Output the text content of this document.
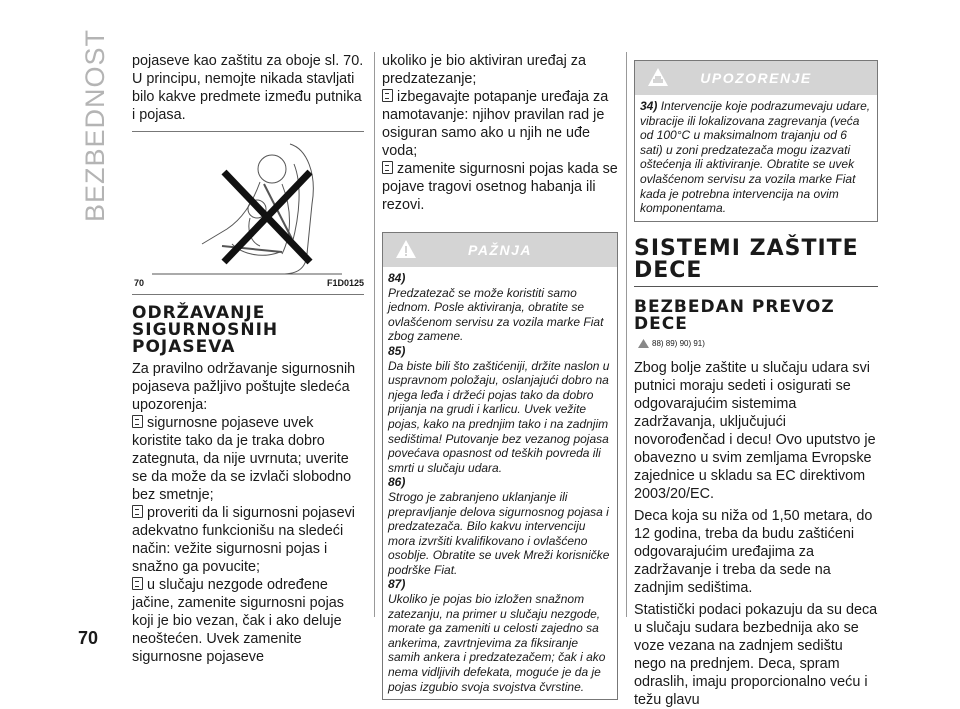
BEZBEDNOST
70

pojaseve kao zaštitu za oboje sl. 70. U principu, nemojte nikada stavljati bilo kakve predmete između putnika i pojasa.

70	F1D0125
ODRŽAVANJE SIGURNOSNIH POJASEVA

Za pravilno održavanje sigurnosnih pojaseva pažljivo poštujte sledeća upozorenja:

sigurnosne pojaseve uvek koristite tako da je traka dobro zategnuta, da nije uvrnuta; uverite se da može da se izvlači slobodno bez smetnje;

proveriti da li sigurnosni pojasevi adekvatno funkcionišu na sledeći način: vežite sigurnosni pojas i snažno ga povucite;

u slučaju nezgode određene jačine, zamenite sigurnosni pojas koji je bio vezan, čak i ako deluje neoštećen. Uvek zamenite sigurnosne pojaseve

ukoliko je bio aktiviran uređaj za predzatezanje;

izbegavajte potapanje uređaja za namotavanje: njihov pravilan rad je osiguran samo ako u njih ne uđe voda;

zamenite sigurnosni pojas kada se pojave tragovi osetnog habanja ili rezovi.

PAŽNJA
84)
Predzatezač se može koristiti samo jednom. Posle aktiviranja, obratite se ovlašćenom servisu za vozila marke Fiat zbog zamene.
85)
Da biste bili što zaštićeniji, držite naslon u uspravnom položaju, oslanjajući dobro na njega leđa i držeći pojas tako da dobro prijanja na grudi i karlicu. Uvek vežite pojas, kako na prednjim tako i na zadnjim sedištima! Putovanje bez vezanog pojasa povećava opasnost od teških povreda ili smrti u slučaju udara.
86)
Strogo je zabranjeno uklanjanje ili prepravljanje delova sigurnosnog pojasa i predzatezača. Bilo kakvu intervenciju mora izvršiti kvalifikovano i ovlašćeno osoblje. Obratite se uvek Mreži korisničke podrške Fiat.
87)
Ukoliko je pojas bio izložen snažnom zatezanju, na primer u slučaju nezgode, morate ga zameniti u celosti zajedno sa ankerima, zavrtnjevima za fiksiranje samih ankera i predzatezačem; čak i ako nema vidljivih defekata, moguće je da je pojas izgubio svoja svojstva čvrstine.
UPOZORENJE
34) Intervencije koje podrazumevaju udare, vibracije ili lokalizovana zagrevanja (veća od 100°C u maksimalnom trajanju od 6 sati) u zoni predzatezača mogu izazvati oštećenja ili aktiviranje. Obratite se uvek ovlašćenom servisu za vozila marke Fiat kada je potrebna intervencija na ovim komponentama.
SISTEMI ZAŠTITE DECE
BEZBEDAN PREVOZ DECE
88) 89) 90) 91)

Zbog bolje zaštite u slučaju udara svi putnici moraju sedeti i osigurati se odgovarajućim sistemima zadržavanja, uključujući novorođenčad i decu! Ovo uputstvo je obavezno u svim zemljama Evropske zajednice u skladu sa EC direktivom 2003/20/EC.

Deca koja su niža od 1,50 metara, do 12 godina, treba da budu zaštićeni odgovarajućim uređajima za zadržavanje i treba da sede na zadnjim sedištima.

Statistički podaci pokazuju da su deca u slučaju sudara bezbednija ako se voze vezana na zadnjem sedištu nego na prednjem. Deca, spram odraslih, imaju proporcionalno veću i težu glavu
